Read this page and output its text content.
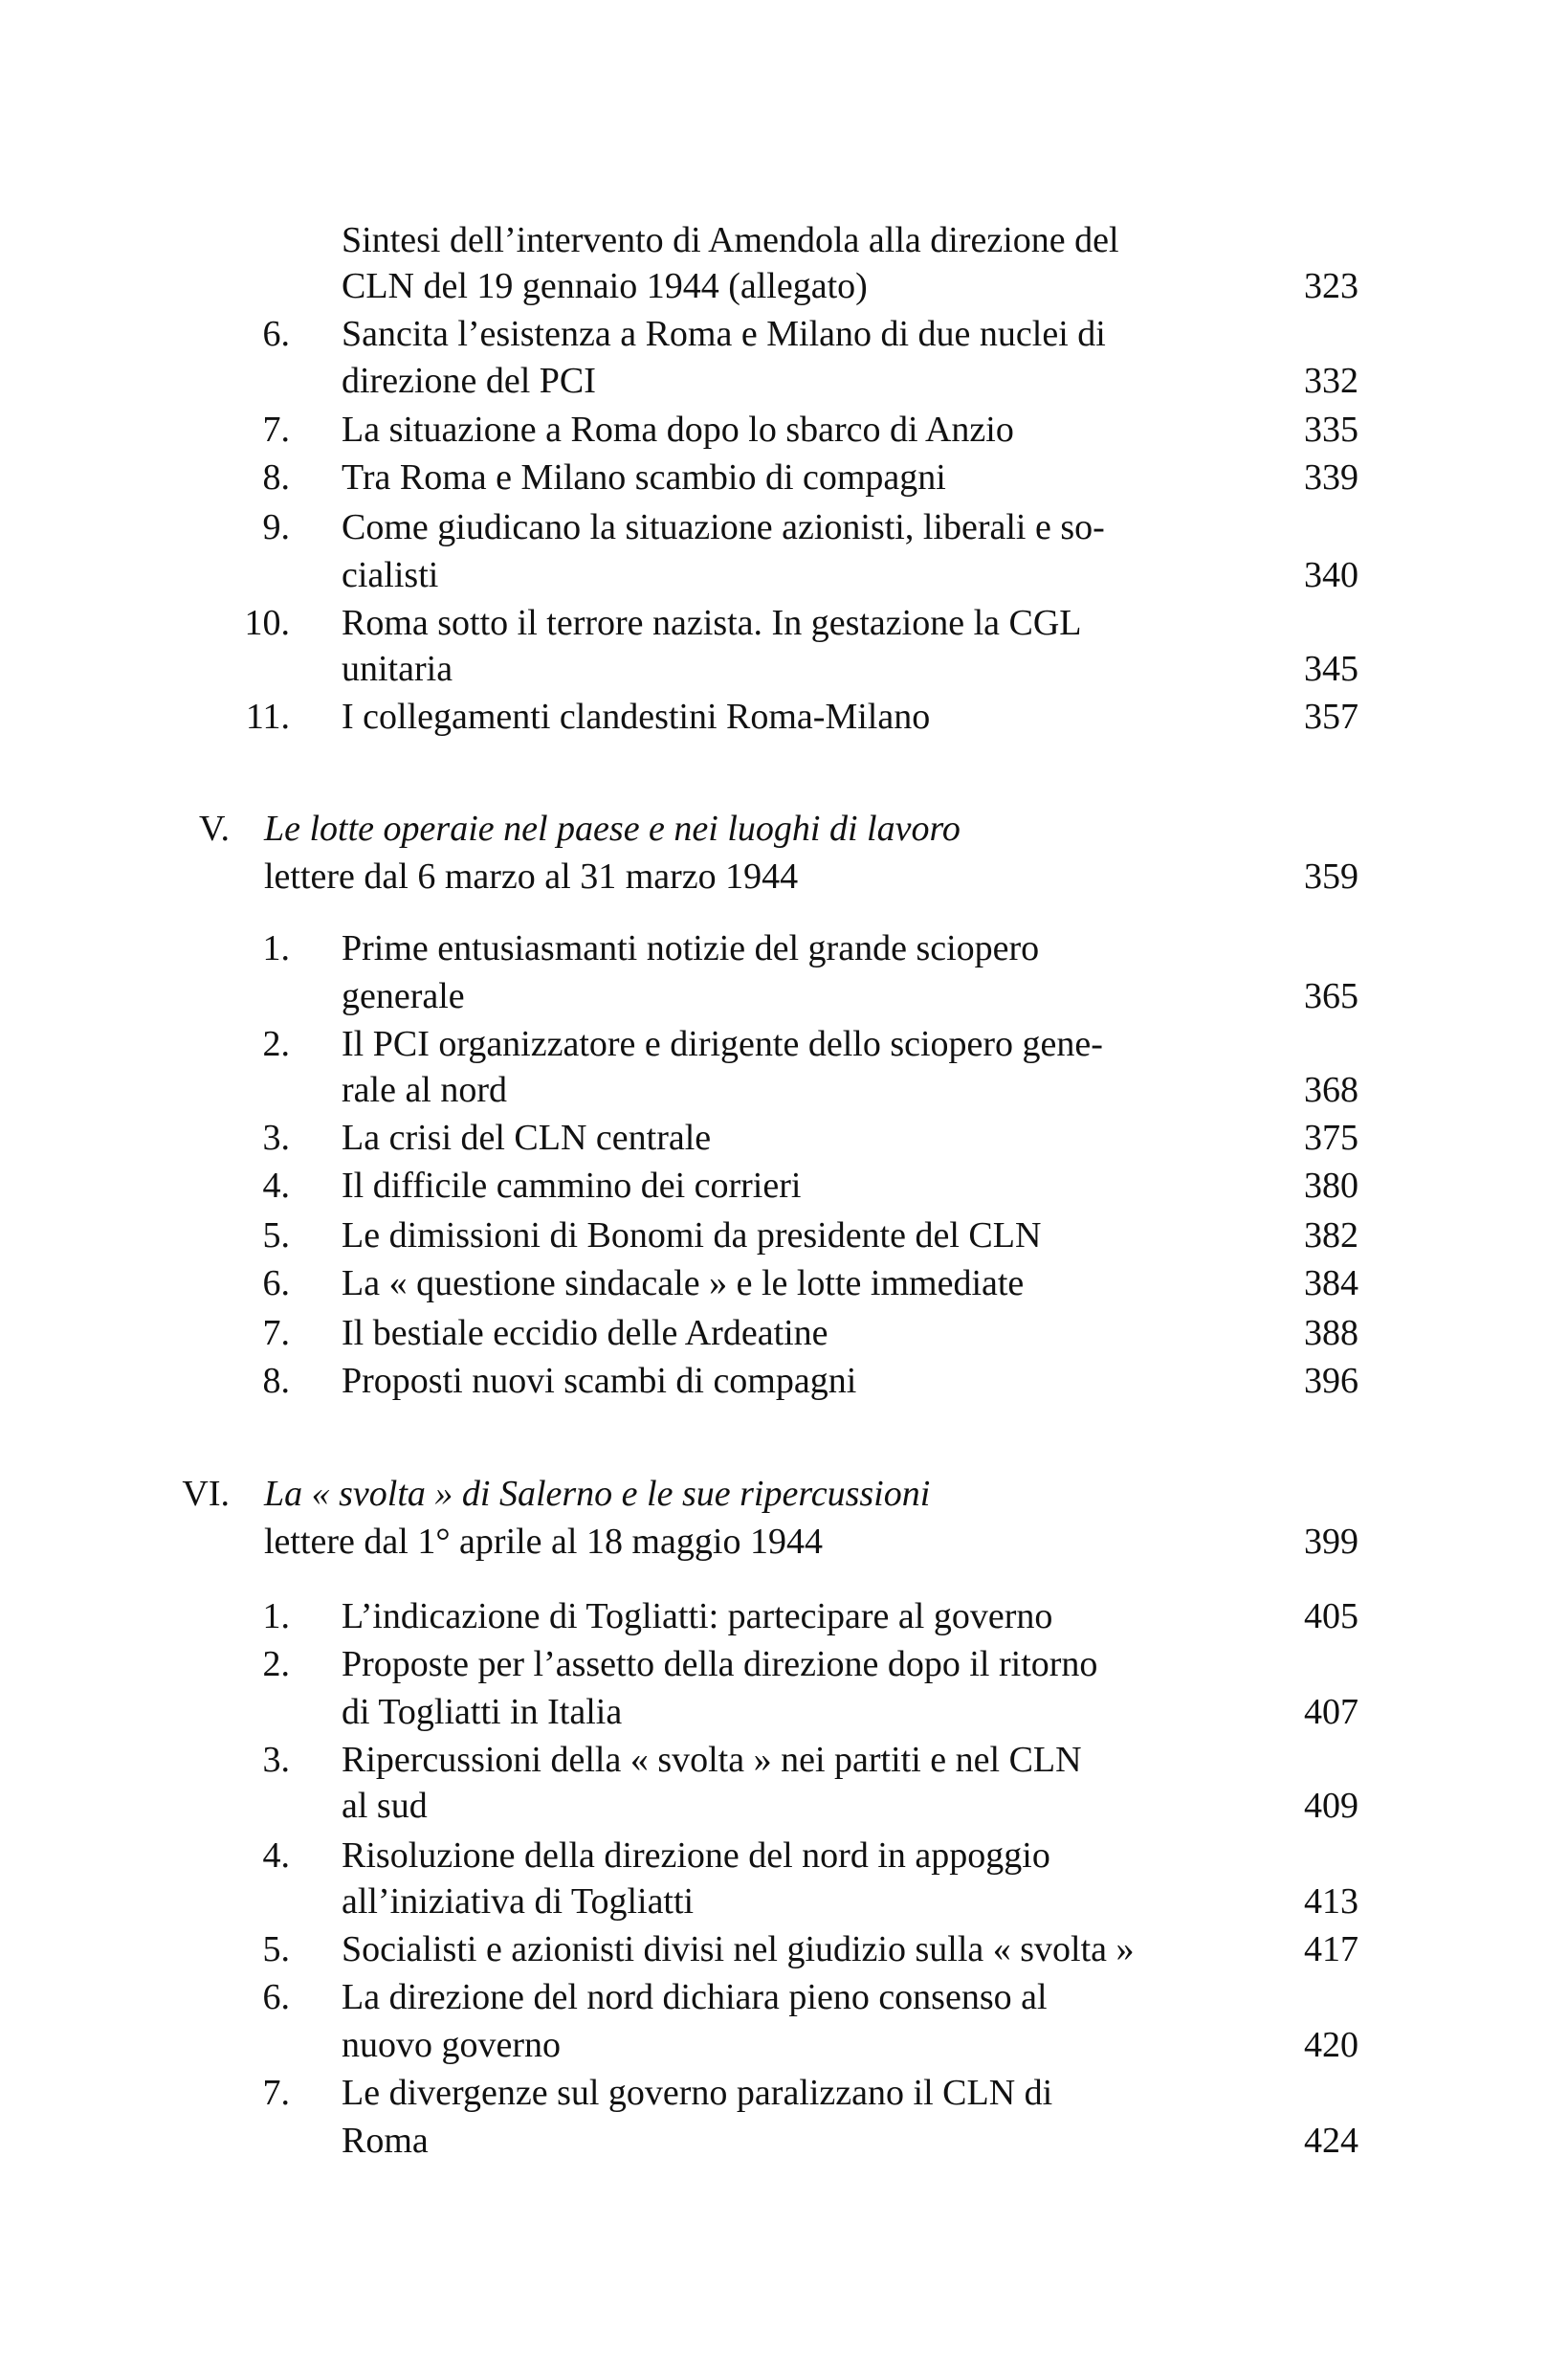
Sintesi dell’intervento di Amendola alla direzione del
CLN del 19 gennaio 1944 (allegato)	323
6. Sancita l’esistenza a Roma e Milano di due nuclei di
direzione del PCI	332
7. La situazione a Roma dopo lo sbarco di Anzio	335
8. Tra Roma e Milano scambio di compagni	339
9. Come giudicano la situazione azionisti, liberali e so-
cialisti	340
10. Roma sotto il terrore nazista. In gestazione la CGL
unitaria	345
11. I collegamenti clandestini Roma-Milano	357
V. Le lotte operaie nel paese e nei luoghi di lavoro
lettere dal 6 marzo al 31 marzo 1944	359
1. Prime entusiasmanti notizie del grande sciopero
generale	365
2. Il PCI organizzatore e dirigente dello sciopero gene-
rale al nord	368
3. La crisi del CLN centrale	375
4. Il difficile cammino dei corrieri	380
5. Le dimissioni di Bonomi da presidente del CLN	382
6. La « questione sindacale » e le lotte immediate	384
7. Il bestiale eccidio delle Ardeatine	388
8. Proposti nuovi scambi di compagni	396
VI. La « svolta » di Salerno e le sue ripercussioni
lettere dal 1° aprile al 18 maggio 1944	399
1. L’indicazione di Togliatti: partecipare al governo	405
2. Proposte per l’assetto della direzione dopo il ritorno
di Togliatti in Italia	407
3. Ripercussioni della « svolta » nei partiti e nel CLN
al sud	409
4. Risoluzione della direzione del nord in appoggio
all’iniziativa di Togliatti	413
5. Socialisti e azionisti divisi nel giudizio sulla « svolta »	417
6. La direzione del nord dichiara pieno consenso al
nuovo governo	420
7. Le divergenze sul governo paralizzano il CLN di
Roma	424
